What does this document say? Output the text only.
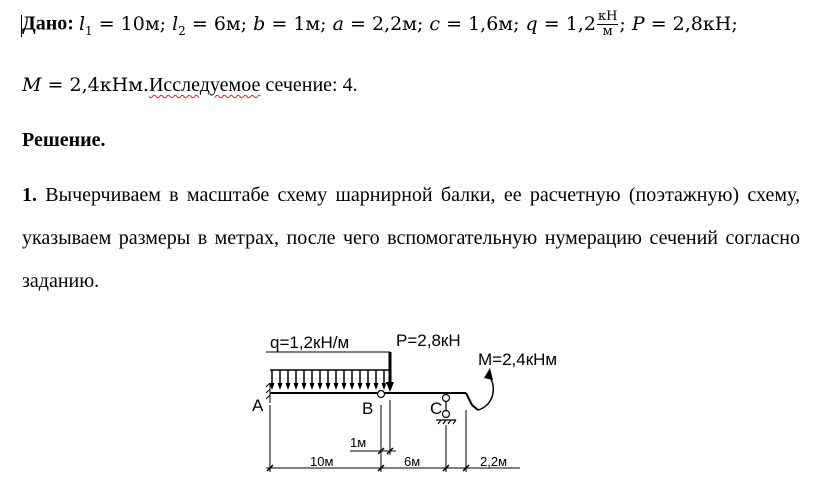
Дано: $l_1 = 10м$; $l_2 = 6м$; b = 1м; a = 2,2м; c = 1,6м; $q = 1,2 \frac{кН}{м}$ ; P = 2,8кН;
M = 2,4кНм.Исследуемое сечение: 4.
Решение.
1. Вычерчиваем в масштабе схему шарнирной балки, ее расчетную (поэтажную) схему, указываем размеры в метрах, после чего вспомогательную нумерацию сечений согласно заданию.
q=1,2кН/м	P=2,8кН
M=2,4кНм
A	B	C
1м
10м	6м	2,2м
